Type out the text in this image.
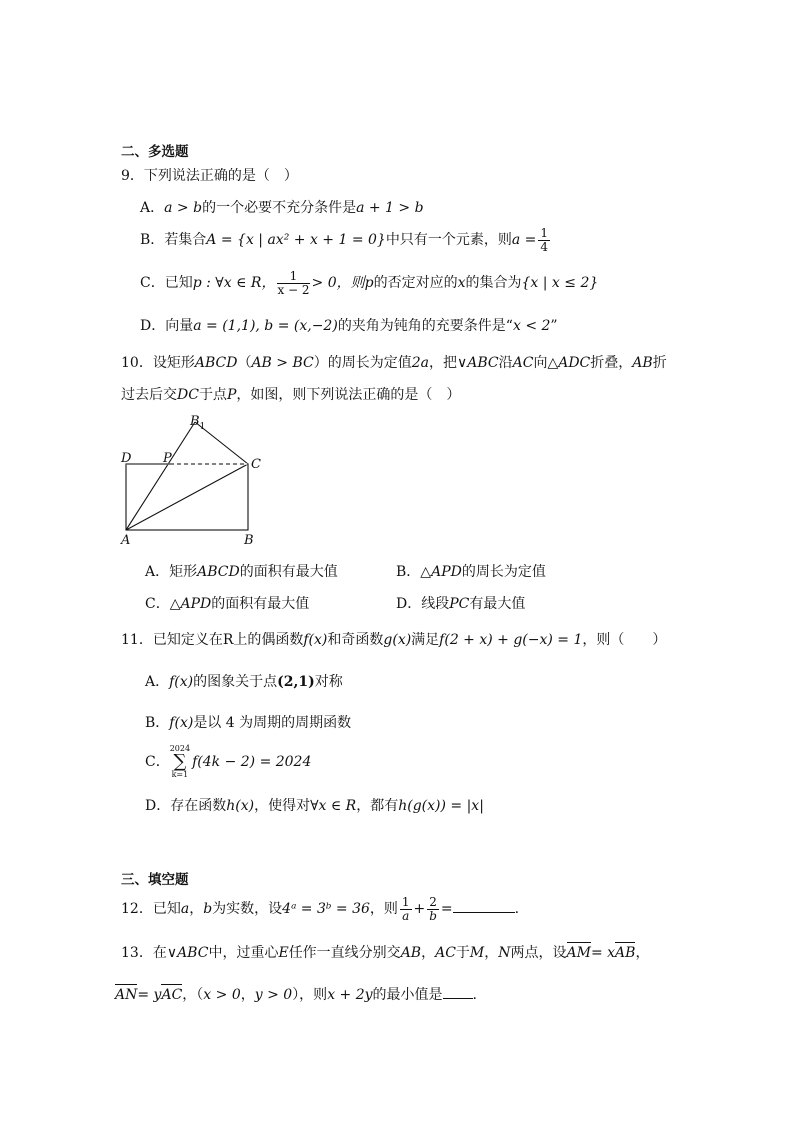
二、多选题
9．下列说法正确的是（　）
A．a > b的一个必要不充分条件是a + 1 > b
B．若集合A = {x | ax² + x + 1 = 0}中只有一个元素，则$a = \frac{1}{4}$
C．已知p : ∀x ∈ R， $\frac{1}{x - 2} > 0$，则p的否定对应的x的集合为{x | x ≤ 2}
D．向量a = (1,1), b = (x,−2)的夹角为钝角的充要条件是“x < 2”
10．设矩形ABCD（AB > BC）的周长为定值2a，把∨ABC沿AC向△ADC折叠，AB折
过去后交DC于点P，如图，则下列说法正确的是（　）
$B_1$
D P	C
A	B
A．矩形ABCD的面积有最大值	B．△APD的周长为定值
C．△APD的面积有最大值	D．线段PC有最大值
11．已知定义在R上的偶函数f(x)和奇函数g(x)满足f(2 + x) + g(−x) = 1，则（　　）
A．f(x)的图象关于点(2,1)对称
B．f(x)是以 4 为周期的周期函数
C．2024
∑
k=1f(4k − 2) = 2024
D．存在函数h(x)，使得对∀x ∈ R，都有h(g(x)) = |x|
三、填空题
12．已知a，b为实数，设4ᵃ = 3ᵇ = 36，则 $\frac{1}{a} + \frac{2}{b}$ =	.
13．在∨ABC中，过重心E任作一直线分别交AB，AC于M，N两点，设AM= xAB，
AN= yAC，（x > 0，y > 0），则x + 2y的最小值是 .
